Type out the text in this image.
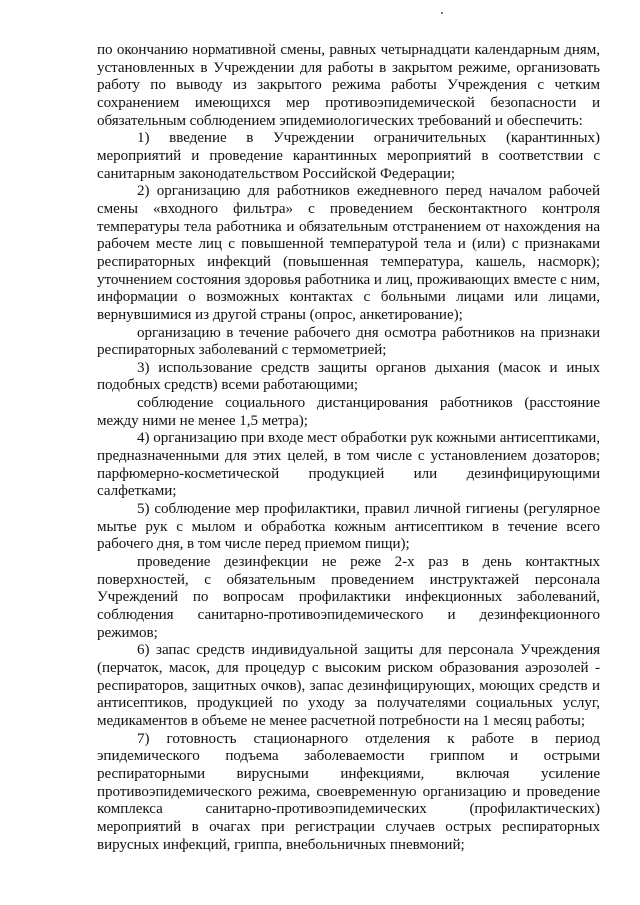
по окончанию нормативной смены, равных четырнадцати календарным дням, установленных в Учреждении для работы в закрытом режиме, организовать работу по выводу из закрытого режима работы Учреждения с четким сохранением имеющихся мер противоэпидемической безопасности и обязательным соблюдением эпидемиологических требований и обеспечить:

1) введение в Учреждении ограничительных (карантинных) мероприятий и проведение карантинных мероприятий в соответствии с санитарным законодательством Российской Федерации;

2) организацию для работников ежедневного перед началом рабочей смены «входного фильтра» с проведением бесконтактного контроля температуры тела работника и обязательным отстранением от нахождения на рабочем месте лиц с повышенной температурой тела и (или) с признаками респираторных инфекций (повышенная температура, кашель, насморк); уточнением состояния здоровья работника и лиц, проживающих вместе с ним, информации о возможных контактах с больными лицами или лицами, вернувшимися из другой страны (опрос, анкетирование);

организацию в течение рабочего дня осмотра работников на признаки респираторных заболеваний с термометрией;

3) использование средств защиты органов дыхания (масок и иных подобных средств) всеми работающими;

соблюдение социального дистанцирования работников (расстояние между ними не менее 1,5 метра);

4) организацию при входе мест обработки рук кожными антисептиками, предназначенными для этих целей, в том числе с установлением дозаторов; парфюмерно-косметической продукцией или дезинфицирующими салфетками;

5) соблюдение мер профилактики, правил личной гигиены (регулярное мытье рук с мылом и обработка кожным антисептиком в течение всего рабочего дня, в том числе перед приемом пищи);

проведение дезинфекции не реже 2-х раз в день контактных поверхностей, с обязательным проведением инструктажей персонала Учреждений по вопросам профилактики инфекционных заболеваний, соблюдения санитарно-противоэпидемического и дезинфекционного режимов;

6) запас средств индивидуальной защиты для персонала Учреждения (перчаток, масок, для процедур с высоким риском образования аэрозолей - респираторов, защитных очков), запас дезинфицирующих, моющих средств и антисептиков, продукцией по уходу за получателями социальных услуг, медикаментов в объеме не менее расчетной потребности на 1 месяц работы;

7) готовность стационарного отделения к работе в период эпидемического подъема заболеваемости гриппом и острыми респираторными вирусными инфекциями, включая усиление противоэпидемического режима, своевременную организацию и проведение комплекса санитарно-противоэпидемических (профилактических) мероприятий в очагах при регистрации случаев острых респираторных вирусных инфекций, гриппа, внебольничных пневмоний;
